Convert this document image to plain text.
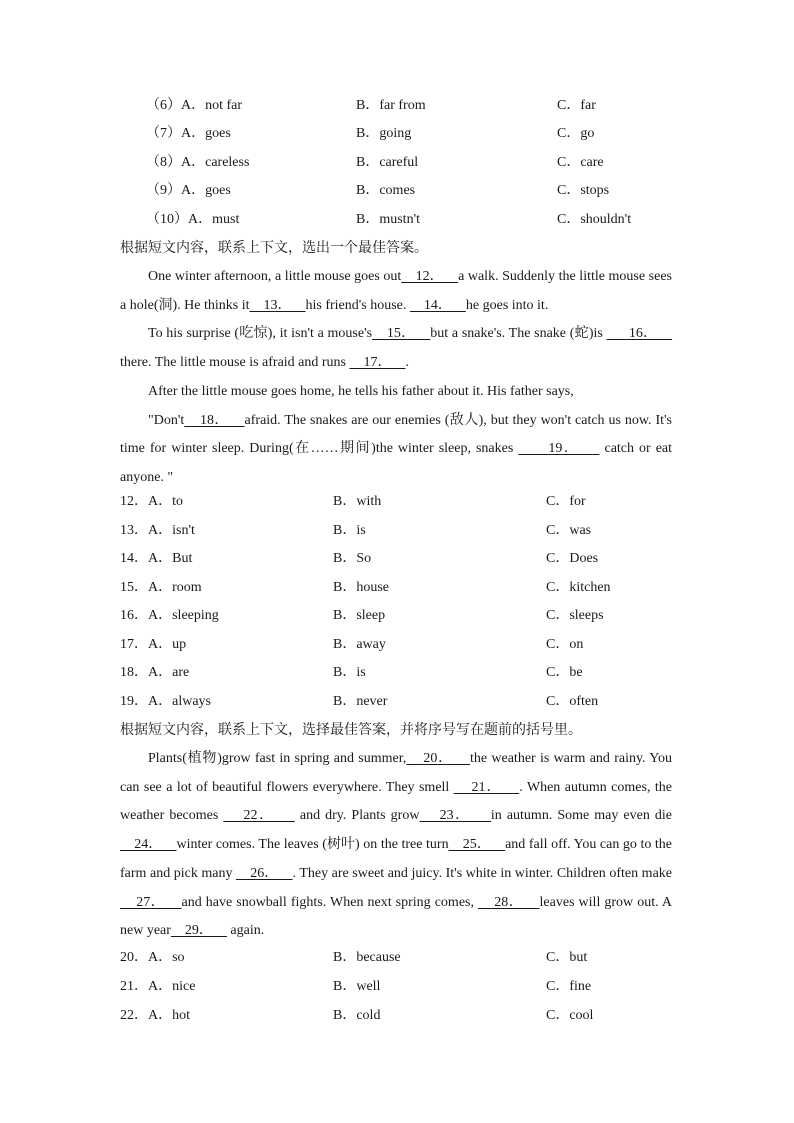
（6）A．not far	B．far from	C．far
（7）A．goes	B．going	C．go
（8）A．careless	B．careful	C．care
（9）A．goes	B．comes	C．stops
（10）A．must	B．mustn't	C．shouldn't
根据短文内容，联系上下文，选出一个最佳答案。

One winter afternoon, a little mouse goes out    12．    a walk. Suddenly the little mouse sees a hole(洞). He thinks it    13．    his friend's house.     14．    he goes into it.

To his surprise (吃惊), it isn't a mouse's    15．    but a snake's. The snake (蛇)is       16．     there. The little mouse is afraid and runs     17．    .

After the little mouse goes home, he tells his father about it. His father says,

"Don't    18．    afraid. The snakes are our enemies (敌人), but they won't catch us now. It's time for winter sleep. During(在……期间)the winter sleep, snakes       19．     catch or eat anyone. "

12．A．to	B．with	C．for
13．A．isn't	B．is	C．was
14．A．But	B．So	C．Does
15．A．room	B．house	C．kitchen
16．A．sleeping	B．sleep	C．sleeps
17．A．up	B．away	C．on
18．A．are	B．is	C．be
19．A．always	B．never	C．often
根据短文内容，联系上下文，选择最佳答案，并将序号写在题前的括号里。

Plants(植物)grow fast in spring and summer,    20．    the weather is warm and rainy. You can see a lot of beautiful flowers everywhere. They smell     21．    . When autumn comes, the weather becomes     22．     and dry. Plants grow    23．    in autumn. Some may even die    24．    winter comes. The leaves (树叶) on the tree turn    25．    and fall off. You can go to the farm and pick many     26．    . They are sweet and juicy. It's white in winter. Children often make    27．    and have snowball fights. When next spring comes,     28．    leaves will grow out. A new year    29．     again.

20．A．so	B．because	C．but
21．A．nice	B．well	C．fine
22．A．hot	B．cold	C．cool
